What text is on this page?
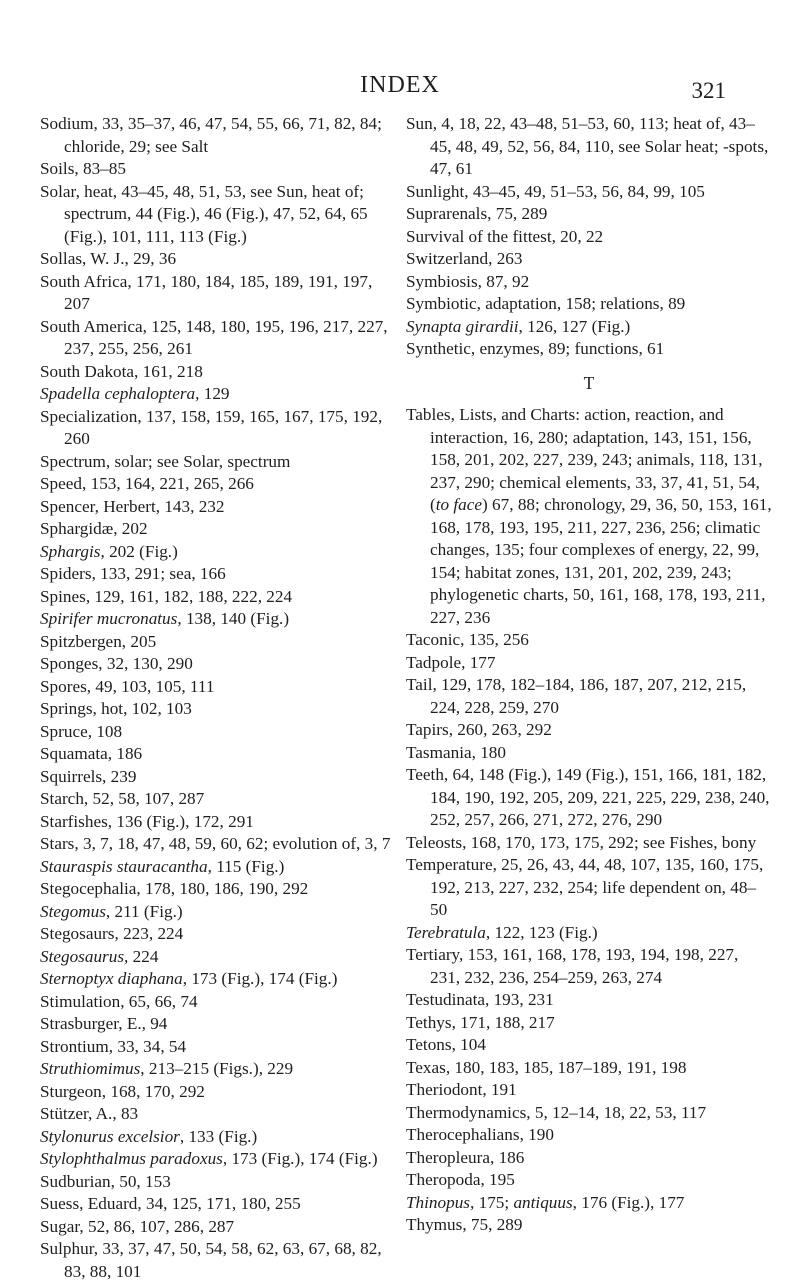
INDEX	321

Sodium, 33, 35–37, 46, 47, 54, 55, 66, 71, 82, 84; chloride, 29; see Salt

Soils, 83–85

Solar, heat, 43–45, 48, 51, 53, see Sun, heat of; spectrum, 44 (Fig.), 46 (Fig.), 47, 52, 64, 65 (Fig.), 101, 111, 113 (Fig.)

Sollas, W. J., 29, 36

South Africa, 171, 180, 184, 185, 189, 191, 197, 207

South America, 125, 148, 180, 195, 196, 217, 227, 237, 255, 256, 261

South Dakota, 161, 218

Spadella cephaloptera, 129

Specialization, 137, 158, 159, 165, 167, 175, 192, 260

Spectrum, solar; see Solar, spectrum

Speed, 153, 164, 221, 265, 266

Spencer, Herbert, 143, 232

Sphargidæ, 202

Sphargis, 202 (Fig.)

Spiders, 133, 291; sea, 166

Spines, 129, 161, 182, 188, 222, 224

Spirifer mucronatus, 138, 140 (Fig.)

Spitzbergen, 205

Sponges, 32, 130, 290

Spores, 49, 103, 105, 111

Springs, hot, 102, 103

Spruce, 108

Squamata, 186

Squirrels, 239

Starch, 52, 58, 107, 287

Starfishes, 136 (Fig.), 172, 291

Stars, 3, 7, 18, 47, 48, 59, 60, 62; evolution of, 3, 7

Stauraspis stauracantha, 115 (Fig.)

Stegocephalia, 178, 180, 186, 190, 292

Stegomus, 211 (Fig.)

Stegosaurs, 223, 224

Stegosaurus, 224

Sternoptyx diaphana, 173 (Fig.), 174 (Fig.)

Stimulation, 65, 66, 74

Strasburger, E., 94

Strontium, 33, 34, 54

Struthiomimus, 213–215 (Figs.), 229

Sturgeon, 168, 170, 292

Stützer, A., 83

Stylonurus excelsior, 133 (Fig.)

Stylophthalmus paradoxus, 173 (Fig.), 174 (Fig.)

Sudburian, 50, 153

Suess, Eduard, 34, 125, 171, 180, 255

Sugar, 52, 86, 107, 286, 287

Sulphur, 33, 37, 47, 50, 54, 58, 62, 63, 67, 68, 82, 83, 88, 101

Sun, 4, 18, 22, 43–48, 51–53, 60, 113; heat of, 43–45, 48, 49, 52, 56, 84, 110, see Solar heat; -spots, 47, 61

Sunlight, 43–45, 49, 51–53, 56, 84, 99, 105

Suprarenals, 75, 289

Survival of the fittest, 20, 22

Switzerland, 263

Symbiosis, 87, 92

Symbiotic, adaptation, 158; relations, 89

Synapta girardii, 126, 127 (Fig.)

Synthetic, enzymes, 89; functions, 61

T

Tables, Lists, and Charts: action, reaction, and interaction, 16, 280; adaptation, 143, 151, 156, 158, 201, 202, 227, 239, 243; animals, 118, 131, 237, 290; chemical elements, 33, 37, 41, 51, 54, (to face) 67, 88; chronology, 29, 36, 50, 153, 161, 168, 178, 193, 195, 211, 227, 236, 256; climatic changes, 135; four complexes of energy, 22, 99, 154; habitat zones, 131, 201, 202, 239, 243; phylogenetic charts, 50, 161, 168, 178, 193, 211, 227, 236

Taconic, 135, 256

Tadpole, 177

Tail, 129, 178, 182–184, 186, 187, 207, 212, 215, 224, 228, 259, 270

Tapirs, 260, 263, 292

Tasmania, 180

Teeth, 64, 148 (Fig.), 149 (Fig.), 151, 166, 181, 182, 184, 190, 192, 205, 209, 221, 225, 229, 238, 240, 252, 257, 266, 271, 272, 276, 290

Teleosts, 168, 170, 173, 175, 292; see Fishes, bony

Temperature, 25, 26, 43, 44, 48, 107, 135, 160, 175, 192, 213, 227, 232, 254; life dependent on, 48–50

Terebratula, 122, 123 (Fig.)

Tertiary, 153, 161, 168, 178, 193, 194, 198, 227, 231, 232, 236, 254–259, 263, 274

Testudinata, 193, 231

Tethys, 171, 188, 217

Tetons, 104

Texas, 180, 183, 185, 187–189, 191, 198

Theriodont, 191

Thermodynamics, 5, 12–14, 18, 22, 53, 117

Therocephalians, 190

Theropleura, 186

Theropoda, 195

Thinopus, 175; antiquus, 176 (Fig.), 177

Thymus, 75, 289
